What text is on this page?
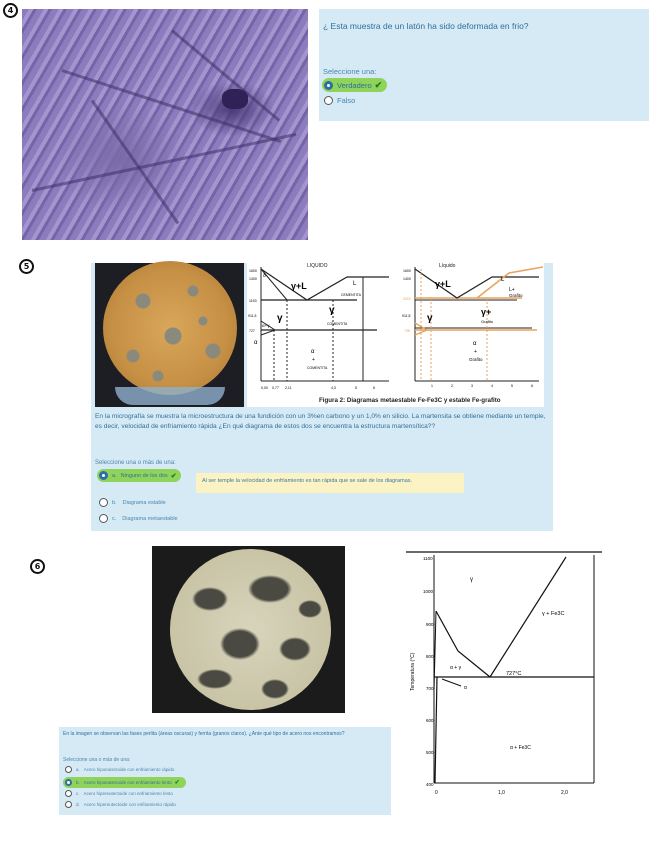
4
¿ Esta muestra de un latón ha sido deformada en frio?
Seleccione una:
Verdadero ✔
Falso
5	LIQUIDO
δ
γ+L	L
γ
γ
CEMENTITA
COMENTITA
α
α+γ
α
+
COMENTITA
1600
1400
1153
911,5
727
0,00 0,77 2,11	4,3	5	6
Líquido
γ+L	L
L+
Grafito
γ
γ+
Grafito
α
+
Grafito
1600
1400
1153
911,5
738
1	2	3	4	5	6
Figura 2: Diagramas metaestable Fe-Fe3C y estable Fe-grafito
En la micrografía se muestra la microestructura de una fundición con un 3%en carbono y un 1,0% en silicio. La martensita se obtiene mediante un temple, es decir, velocidad de enfriamiento rápida ¿En qué diagrama de estos dos se encuentra la estructura martensítica??
Seleccione una o más de una:
a. Ninguno de los dos ✔
Al ser temple la velocidad de enfriamiento es tan rápida que se sale de los diagramas.
b. Diagrama estable
c. Diagrama metaestable
6
En la imagen se observan las fases perlita (áreas oscuras) y ferrita (granos claros). ¿Ante qué tipo de acero nos encontramos?
Seleccione una o más de una:
a. Acero hipoeutectoide con enfriamiento rápido
b. Acero hipoeutectoide con enfriamiento lento ✔
c. Acero hipereutectoide con enfriamiento lento
d. Acero hipereutectoide con enfriamiento rápido
γ
γ + Fe3C
α + γ
727°C
α + Fe3C
α
1100
1000
900
800
700
600
500
400
0	1,0	2,0
Temperatura (°C)
